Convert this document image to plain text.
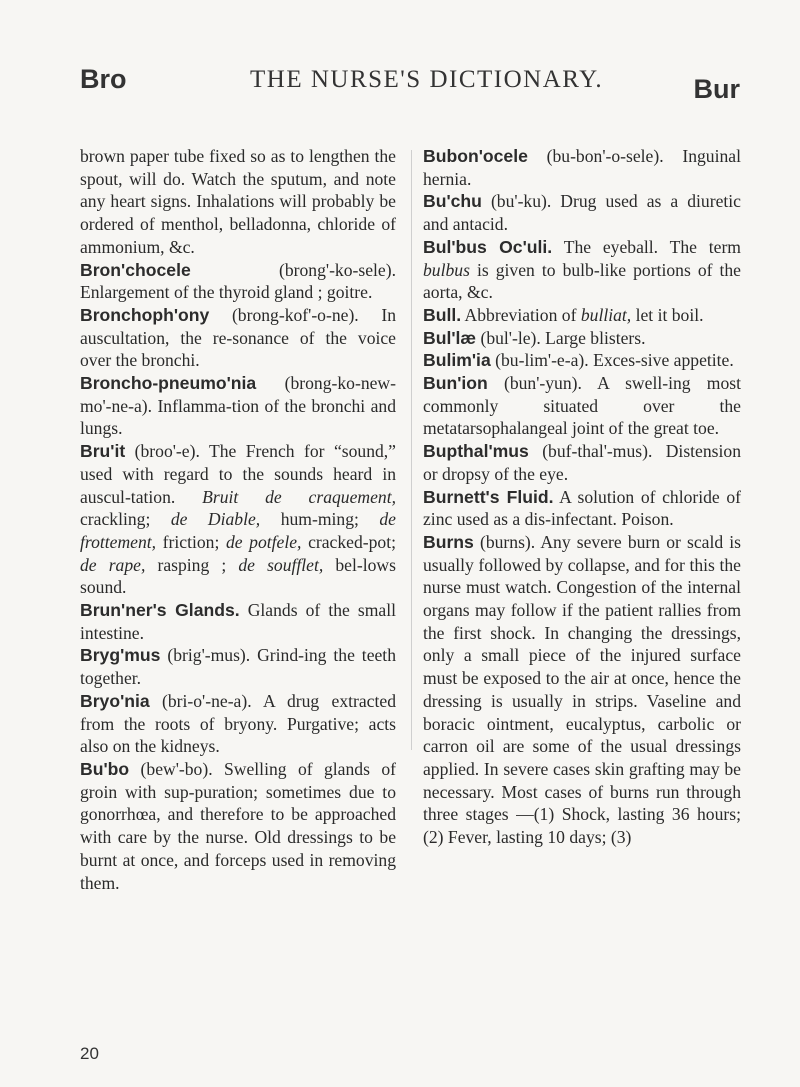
Bro	THE NURSE'S DICTIONARY.	Bur
brown paper tube fixed so as to lengthen the spout, will do. Watch the sputum, and note any heart signs. Inhalations will probably be ordered of menthol, belladonna, chloride of ammonium, &c.
Bron'chocele (brong'-ko-sele). Enlargement of the thyroid gland ; goitre.
Bronchoph'ony (brong-kof'-o-ne). In auscultation, the re-sonance of the voice over the bronchi.
Broncho-pneumo'nia (brong-ko-new-mo'-ne-a). Inflamma-tion of the bronchi and lungs.
Bru'it (broo'-e). The French for “sound,” used with regard to the sounds heard in auscul-tation. Bruit de craquement, crackling; de Diable, hum-ming; de frottement, friction; de potfele, cracked-pot; de rape, rasping ; de soufflet, bel-lows sound.
Brun'ner's Glands. Glands of the small intestine.
Bryg'mus (brig'-mus). Grind-ing the teeth together.
Bryo'nia (bri-o'-ne-a). A drug extracted from the roots of bryony. Purgative; acts also on the kidneys.
Bu'bo (bew'-bo). Swelling of glands of groin with sup-puration; sometimes due to gonorrhœa, and therefore to be approached with care by the nurse. Old dressings to be burnt at once, and forceps used in removing them.
Bubon'ocele (bu-bon'-o-sele). Inguinal hernia.
Bu'chu (bu'-ku). Drug used as a diuretic and antacid.
Bul'bus Oc'uli. The eyeball. The term bulbus is given to bulb-like portions of the aorta, &c.
Bull. Abbreviation of bulliat, let it boil.
Bul'læ (bul'-le). Large blisters.
Bulim'ia (bu-lim'-e-a). Exces-sive appetite.
Bun'ion (bun'-yun). A swell-ing most commonly situated over the metatarsophalangeal joint of the great toe.
Bupthal'mus (buf-thal'-mus). Distension or dropsy of the eye.
Burnett's Fluid. A solution of chloride of zinc used as a dis-infectant. Poison.
Burns (burns). Any severe burn or scald is usually followed by collapse, and for this the nurse must watch. Congestion of the internal organs may follow if the patient rallies from the first shock. In changing the dressings, only a small piece of the injured surface must be exposed to the air at once, hence the dressing is usually in strips. Vaseline and boracic ointment, eucalyptus, carbolic or carron oil are some of the usual dressings applied. In severe cases skin grafting may be necessary. Most cases of burns run through three stages —(1) Shock, lasting 36 hours; (2) Fever, lasting 10 days; (3)
20
